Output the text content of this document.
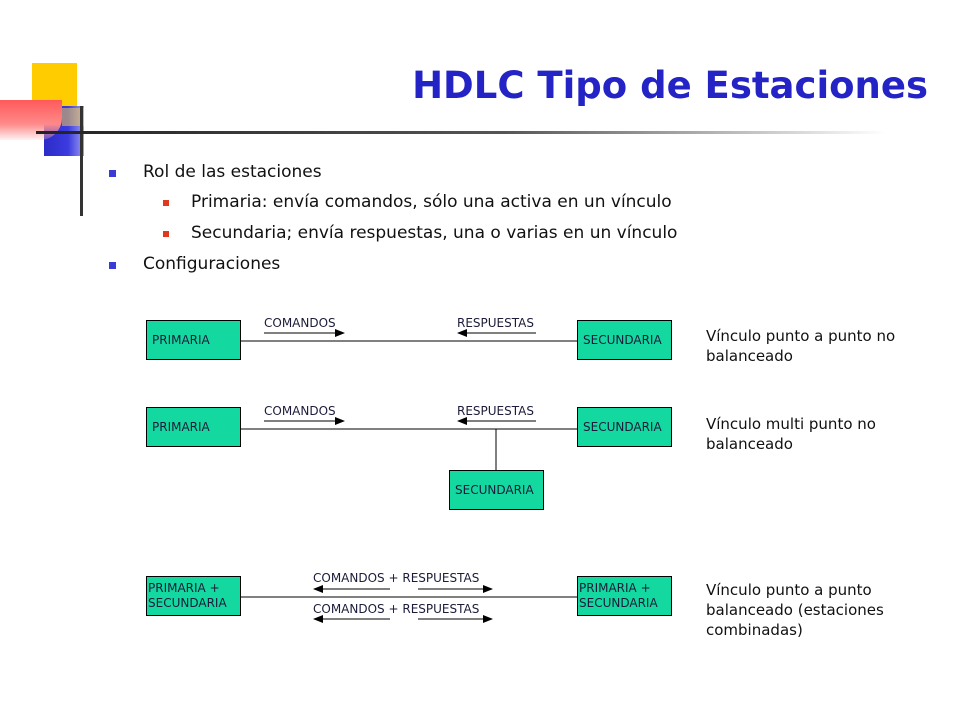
HDLC Tipo de Estaciones
Rol de las estaciones
Primaria: envía comandos, sólo una activa en un vínculo
Secundaria; envía respuestas, una o varias en un vínculo
Configuraciones
PRIMARIA	SECUNDARIA
COMANDOS	RESPUESTAS
Vínculo punto a punto no balanceado
PRIMARIA	SECUNDARIA
SECUNDARIA
COMANDOS	RESPUESTAS
Vínculo multi punto no balanceado
PRIMARIA +
SECUNDARIA
PRIMARIA +
SECUNDARIA
COMANDOS + RESPUESTAS
COMANDOS + RESPUESTAS
Vínculo punto a punto balanceado (estaciones combinadas)
